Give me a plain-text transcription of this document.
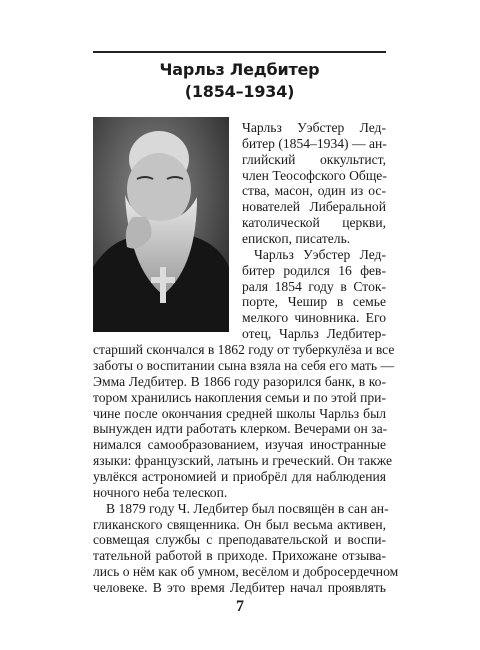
Чарльз Ледбитер
(1854–1934)
Чарльз Уэбстер Лед-
битер (1854–1934) — ан-
глийский оккультист,
член Теософского Обще-
ства, масон, один из ос-
нователей Либеральной
католической церкви,
епископ, писатель.
Чарльз Уэбстер Лед-
битер родился 16 фев-
раля 1854 году в Сток-
порте, Чешир в семье
мелкого чиновника. Его
отец, Чарльз Ледбитер-
старший скончался в 1862 году от туберкулёза и все
заботы о воспитании сына взяла на себя его мать —
Эмма Ледбитер. В 1866 году разорился банк, в ко-
тором хранились накопления семьи и по этой при-
чине после окончания средней школы Чарльз был
вынужден идти работать клерком. Вечерами он за-
нимался самообразованием, изучая иностранные
языки: французский, латынь и греческий. Он также
увлёкся астрономией и приобрёл для наблюдения
ночного неба телескоп.
В 1879 году Ч. Ледбитер был посвящён в сан ан-
гликанского священника. Он был весьма активен,
совмещая службы с преподавательской и воспи-
тательной работой в приходе. Прихожане отзыва-
лись о нём как об умном, весёлом и добросердечном
человеке. В это время Ледбитер начал проявлять
7
